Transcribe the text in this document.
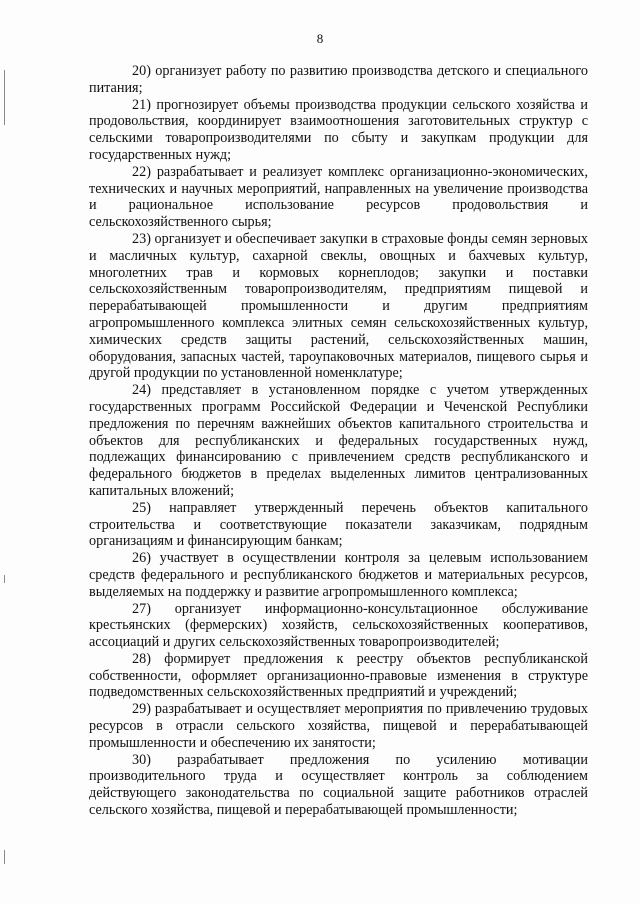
8

20) организует работу по развитию производства детского и специального питания;

21) прогнозирует объемы производства продукции сельского хозяйства и продовольствия, координирует взаимоотношения заготовительных структур с сельскими товаропроизводителями по сбыту и закупкам продукции для государственных нужд;

22) разрабатывает и реализует комплекс организационно-экономических, технических и научных мероприятий, направленных на увеличение производства и рациональное использование ресурсов продовольствия и сельскохозяйственного сырья;

23) организует и обеспечивает закупки в страховые фонды семян зерновых и масличных культур, сахарной свеклы, овощных и бахчевых культур, многолетних трав и кормовых корнеплодов; закупки и поставки сельскохозяйственным товаропроизводителям, предприятиям пищевой и перерабатывающей промышленности и другим предприятиям агропромышленного комплекса элитных семян сельскохозяйственных культур, химических средств защиты растений, сельскохозяйственных машин, оборудования, запасных частей, тароупаковочных материалов, пищевого сырья и другой продукции по установленной номенклатуре;

24) представляет в установленном порядке с учетом утвержденных государственных программ Российской Федерации и Чеченской Республики предложения по перечням важнейших объектов капитального строительства и объектов для республиканских и федеральных государственных нужд, подлежащих финансированию с привлечением средств республиканского и федерального бюджетов в пределах выделенных лимитов централизованных капитальных вложений;

25) направляет утвержденный перечень объектов капитального строительства и соответствующие показатели заказчикам, подрядным организациям и финансирующим банкам;

26) участвует в осуществлении контроля за целевым использованием средств федерального и республиканского бюджетов и материальных ресурсов, выделяемых на поддержку и развитие агропромышленного комплекса;

27) организует информационно-консультационное обслуживание крестьянских (фермерских) хозяйств, сельскохозяйственных кооперативов, ассоциаций и других сельскохозяйственных товаропроизводителей;

28) формирует предложения к реестру объектов республиканской собственности, оформляет организационно-правовые изменения в структуре подведомственных сельскохозяйственных предприятий и учреждений;

29) разрабатывает и осуществляет мероприятия по привлечению трудовых ресурсов в отрасли сельского хозяйства, пищевой и перерабатывающей промышленности и обеспечению их занятости;

30) разрабатывает предложения по усилению мотивации производительного труда и осуществляет контроль за соблюдением действующего законодательства по социальной защите работников отраслей сельского хозяйства, пищевой и перерабатывающей промышленности;
